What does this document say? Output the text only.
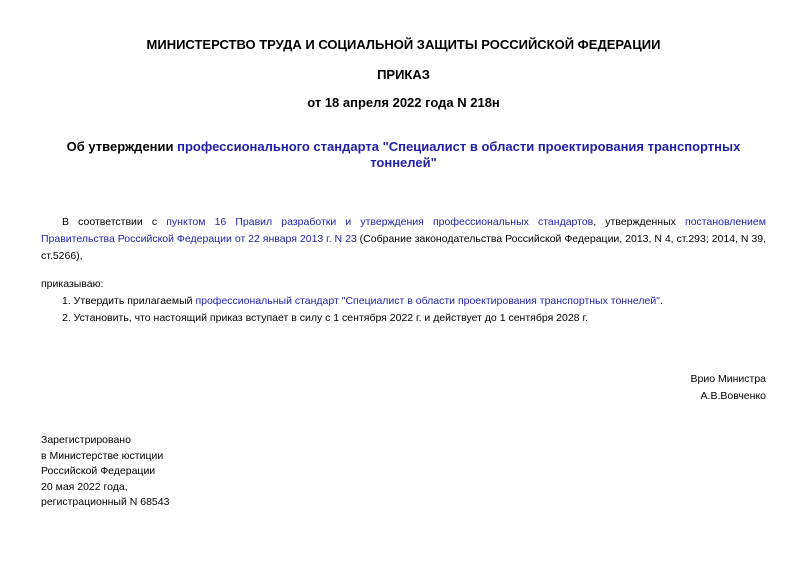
МИНИСТЕРСТВО ТРУДА И СОЦИАЛЬНОЙ ЗАЩИТЫ РОССИЙСКОЙ ФЕДЕРАЦИИ
ПРИКАЗ
от 18 апреля 2022 года N 218н
Об утверждении профессионального стандарта "Специалист в области проектирования транспортных тоннелей"
В соответствии с пунктом 16 Правил разработки и утверждения профессиональных стандартов, утвержденных постановлением Правительства Российской Федерации от 22 января 2013 г. N 23 (Собрание законодательства Российской Федерации, 2013, N 4, ст.293; 2014, N 39, ст.5266),
приказываю:
1. Утвердить прилагаемый профессиональный стандарт "Специалист в области проектирования транспортных тоннелей".
2. Установить, что настоящий приказ вступает в силу с 1 сентября 2022 г. и действует до 1 сентября 2028 г.
Врио Министра
А.В.Вовченко
Зарегистрировано
в Министерстве юстиции
Российской Федерации
20 мая 2022 года,
регистрационный N 68543
